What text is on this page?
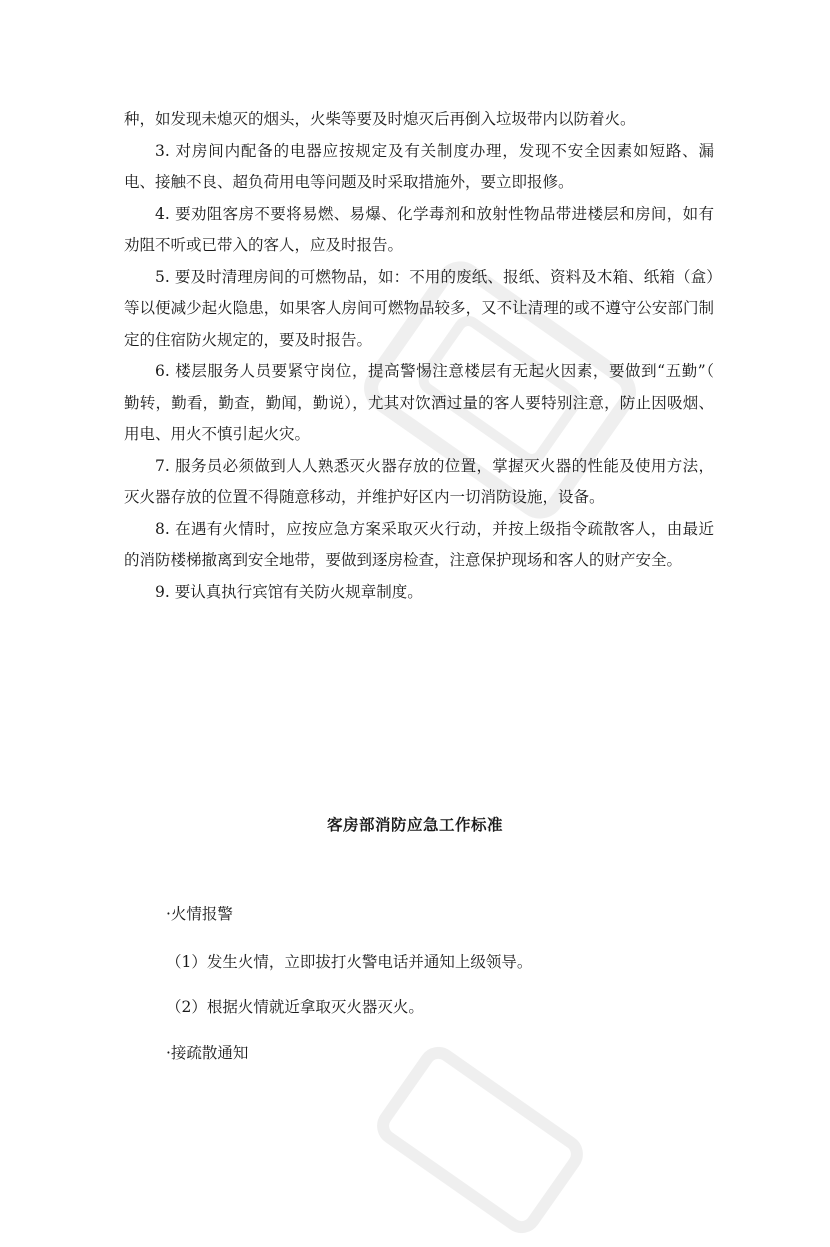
种，如发现未熄灭的烟头，火柴等要及时熄灭后再倒入垃圾带内以防着火。

3. 对房间内配备的电器应按规定及有关制度办理，发现不安全因素如短路、漏电、接触不良、超负荷用电等问题及时采取措施外，要立即报修。

4. 要劝阻客房不要将易燃、易爆、化学毒剂和放射性物品带进楼层和房间，如有劝阻不听或已带入的客人，应及时报告。

5. 要及时清理房间的可燃物品，如：不用的废纸、报纸、资料及木箱、纸箱（盒）等以便减少起火隐患，如果客人房间可燃物品较多，又不让清理的或不遵守公安部门制定的住宿防火规定的，要及时报告。

6. 楼层服务人员要紧守岗位，提高警惕注意楼层有无起火因素，要做到“五勤”（ 勤转，勤看，勤查，勤闻，勤说），尤其对饮酒过量的客人要特别注意，防止因吸烟、用电、用火不慎引起火灾。

7. 服务员必须做到人人熟悉灭火器存放的位置，掌握灭火器的性能及使用方法，灭火器存放的位置不得随意移动，并维护好区内一切消防设施，设备。

8. 在遇有火情时，应按应急方案采取灭火行动，并按上级指令疏散客人，由最近的消防楼梯撤离到安全地带，要做到逐房检查，注意保护现场和客人的财产安全。

9. 要认真执行宾馆有关防火规章制度。

客房部消防应急工作标准
·火情报警
（1）发生火情，立即拔打火警电话并通知上级领导。
（2）根据火情就近拿取灭火器灭火。
·接疏散通知
